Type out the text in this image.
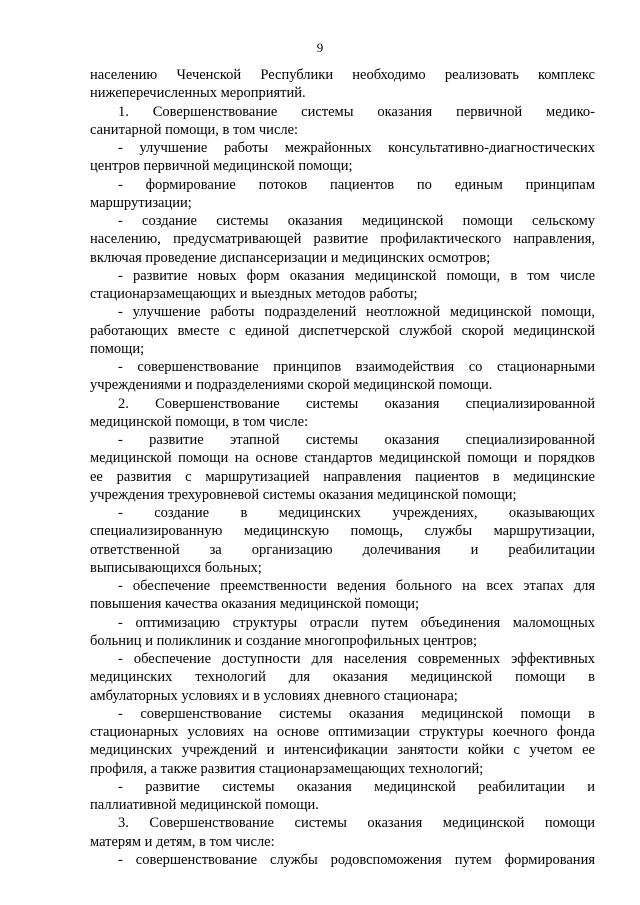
9
населению Чеченской Республики необходимо реализовать комплекс
нижеперечисленных мероприятий.
1. Совершенствование системы оказания первичной медико-
санитарной помощи, в том числе:
- улучшение работы межрайонных консультативно-диагностических
центров первичной медицинской помощи;
- формирование потоков пациентов по единым принципам
маршрутизации;
- создание системы оказания медицинской помощи сельскому
населению, предусматривающей развитие профилактического направления,
включая проведение диспансеризации и медицинских осмотров;
- развитие новых форм оказания медицинской помощи, в том числе
стационарзамещающих и выездных методов работы;
- улучшение работы подразделений неотложной медицинской помощи,
работающих вместе с единой диспетчерской службой скорой медицинской
помощи;
- совершенствование принципов взаимодействия со стационарными
учреждениями и подразделениями скорой медицинской помощи.
2. Совершенствование системы оказания специализированной
медицинской помощи, в том числе:
- развитие этапной системы оказания специализированной
медицинской помощи на основе стандартов медицинской помощи и порядков
ее развития с маршрутизацией направления пациентов в медицинские
учреждения трехуровневой системы оказания медицинской помощи;
- создание в медицинских учреждениях, оказывающих
специализированную медицинскую помощь, службы маршрутизации,
ответственной за организацию долечивания и реабилитации
выписывающихся больных;
- обеспечение преемственности ведения больного на всех этапах для
повышения качества оказания медицинской помощи;
- оптимизацию структуры отрасли путем объединения маломощных
больниц и поликлиник и создание многопрофильных центров;
- обеспечение доступности для населения современных эффективных
медицинских технологий для оказания медицинской помощи в
амбулаторных условиях и в условиях дневного стационара;
- совершенствование системы оказания медицинской помощи в
стационарных условиях на основе оптимизации структуры коечного фонда
медицинских учреждений и интенсификации занятости койки с учетом ее
профиля, а также развития стационарзамещающих технологий;
- развитие системы оказания медицинской реабилитации и
паллиативной медицинской помощи.
3. Совершенствование системы оказания медицинской помощи
матерям и детям, в том числе:
- совершенствование службы родовспоможения путем формирования
